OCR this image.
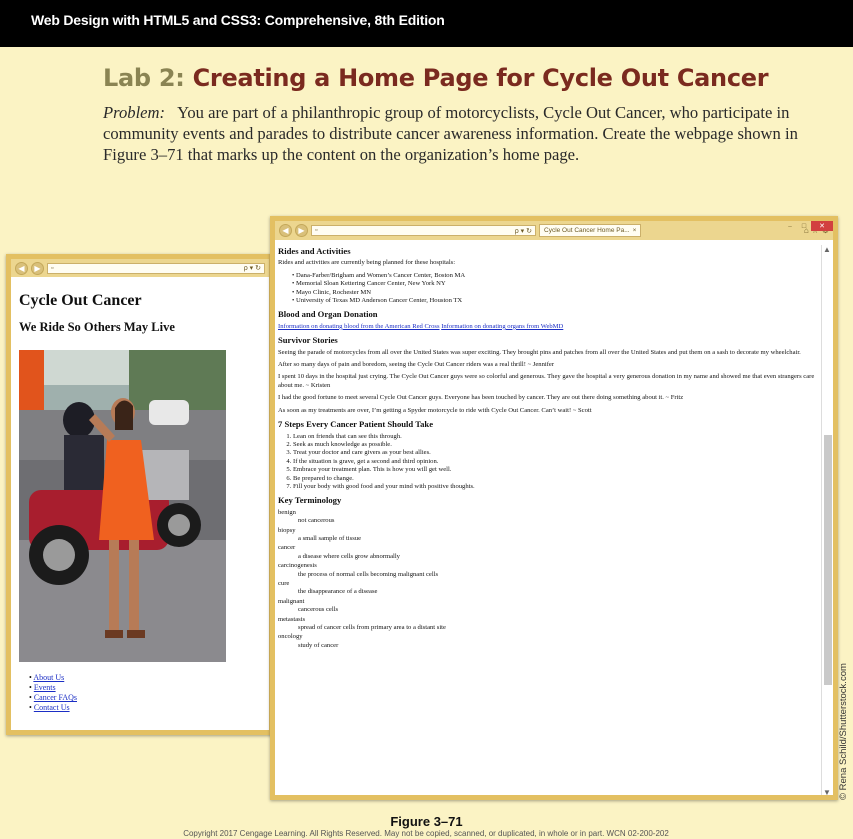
Web Design with HTML5 and CSS3: Comprehensive, 8th Edition
Lab 2: Creating a Home Page for Cycle Out Cancer
Problem: You are part of a philanthropic group of motorcyclists, Cycle Out Cancer, who participate in community events and parades to distribute cancer awareness information. Create the webpage shown in Figure 3–71 that marks up the content on the organization’s home page.
◀	▶	▫	ρ ▾ ↻
Cycle Out Cancer
We Ride So Others May Live
• About Us
• Events
• Cancer FAQs
• Contact Us
◀	▶	▫	ρ ▾ ↻ Cycle Out Cancer Home Pa... ×	⌂
–	□	✕
Rides and Activities

Rides and activities are currently being planned for these hospitals:

• Dana-Farber/Brigham and Women’s Cancer Center, Boston MA
• Memorial Sloan Kettering Cancer Center, New York NY
• Mayo Clinic, Rochester MN
• University of Texas MD Anderson Cancer Center, Houston TX
Blood and Organ Donation

Information on donating blood from the American Red Cross Information on donating organs from WebMD

Survivor Stories

Seeing the parade of motorcycles from all over the United States was super exciting. They brought pins and patches from all over the United States and put them on a sash to decorate my wheelchair.

After so many days of pain and boredom, seeing the Cycle Out Cancer riders was a real thrill! ~ Jennifer

I spent 10 days in the hospital just crying. The Cycle Out Cancer guys were so colorful and generous. They gave the hospital a very generous donation in my name and showed me that even strangers care about me. ~ Kristen

I had the good fortune to meet several Cycle Out Cancer guys. Everyone has been touched by cancer. They are out there doing something about it. ~ Fritz

As soon as my treatments are over, I’m getting a Spyder motorcycle to ride with Cycle Out Cancer. Can’t wait! ~ Scott

7 Steps Every Cancer Patient Should Take
1. Lean on friends that can see this through.
2. Seek as much knowledge as possible.
3. Treat your doctor and care givers as your best allies.
4. If the situation is grave, get a second and third opinion.
5. Embrace your treatment plan. This is how you will get well.
6. Be prepared to change.
7. Fill your body with good food and your mind with positive thoughts.
Key Terminology
benign
not cancerous
biopsy
a small sample of tissue
cancer
a disease where cells grow abnormally
carcinogenesis
the process of normal cells becoming malignant cells
cure
the disappearance of a disease
malignant
cancerous cells
metastasis
spread of cancer cells from primary area to a distant site
oncology
study of cancer
▲
▼ © Rena Schild/Shutterstock.com
Figure 3–71
Copyright 2017 Cengage Learning. All Rights Reserved. May not be copied, scanned, or duplicated, in whole or in part. WCN 02-200-202
